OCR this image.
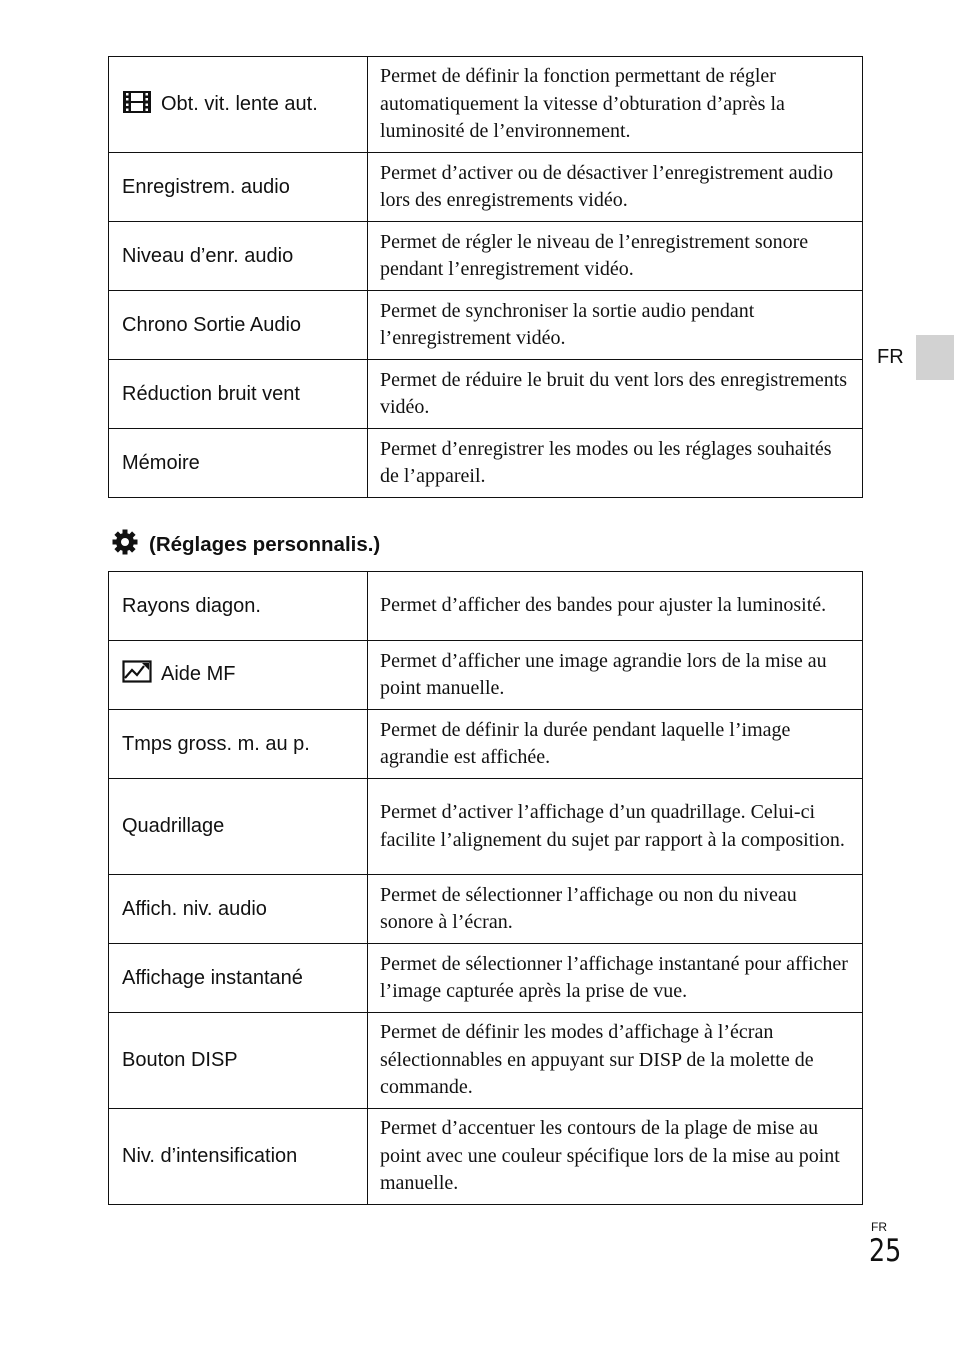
Obt. vit. lente aut.	Permet de définir la fonction permettant de régler automatiquement la vitesse d’obturation d’après la luminosité de l’environnement.
Enregistrem. audio	Permet d’activer ou de désactiver l’enregistrement audio lors des enregistrements vidéo.
Niveau d’enr. audio	Permet de régler le niveau de l’enregistrement sonore pendant l’enregistrement vidéo.
Chrono Sortie Audio	Permet de synchroniser la sortie audio pendant l’enregistrement vidéo.
Réduction bruit vent	Permet de réduire le bruit du vent lors des enregistrements vidéo.
Mémoire	Permet d’enregistrer les modes ou les réglages souhaités de l’appareil.
(Réglages personnalis.)
Rayons diagon.	Permet d’afficher des bandes pour ajuster la luminosité.
Aide MF	Permet d’afficher une image agrandie lors de la mise au point manuelle.
Tmps gross. m. au p.	Permet de définir la durée pendant laquelle l’image agrandie est affichée.
Quadrillage	Permet d’activer l’affichage d’un quadrillage. Celui-ci facilite l’alignement du sujet par rapport à la composition.
Affich. niv. audio	Permet de sélectionner l’affichage ou non du niveau sonore à l’écran.
Affichage instantané	Permet de sélectionner l’affichage instantané pour afficher l’image capturée après la prise de vue.
Bouton DISP	Permet de définir les modes d’affichage à l’écran sélectionnables en appuyant sur DISP de la molette de commande.
Niv. d’intensification	Permet d’accentuer les contours de la plage de mise au point avec une couleur spécifique lors de la mise au point manuelle.
FR
FR
25
